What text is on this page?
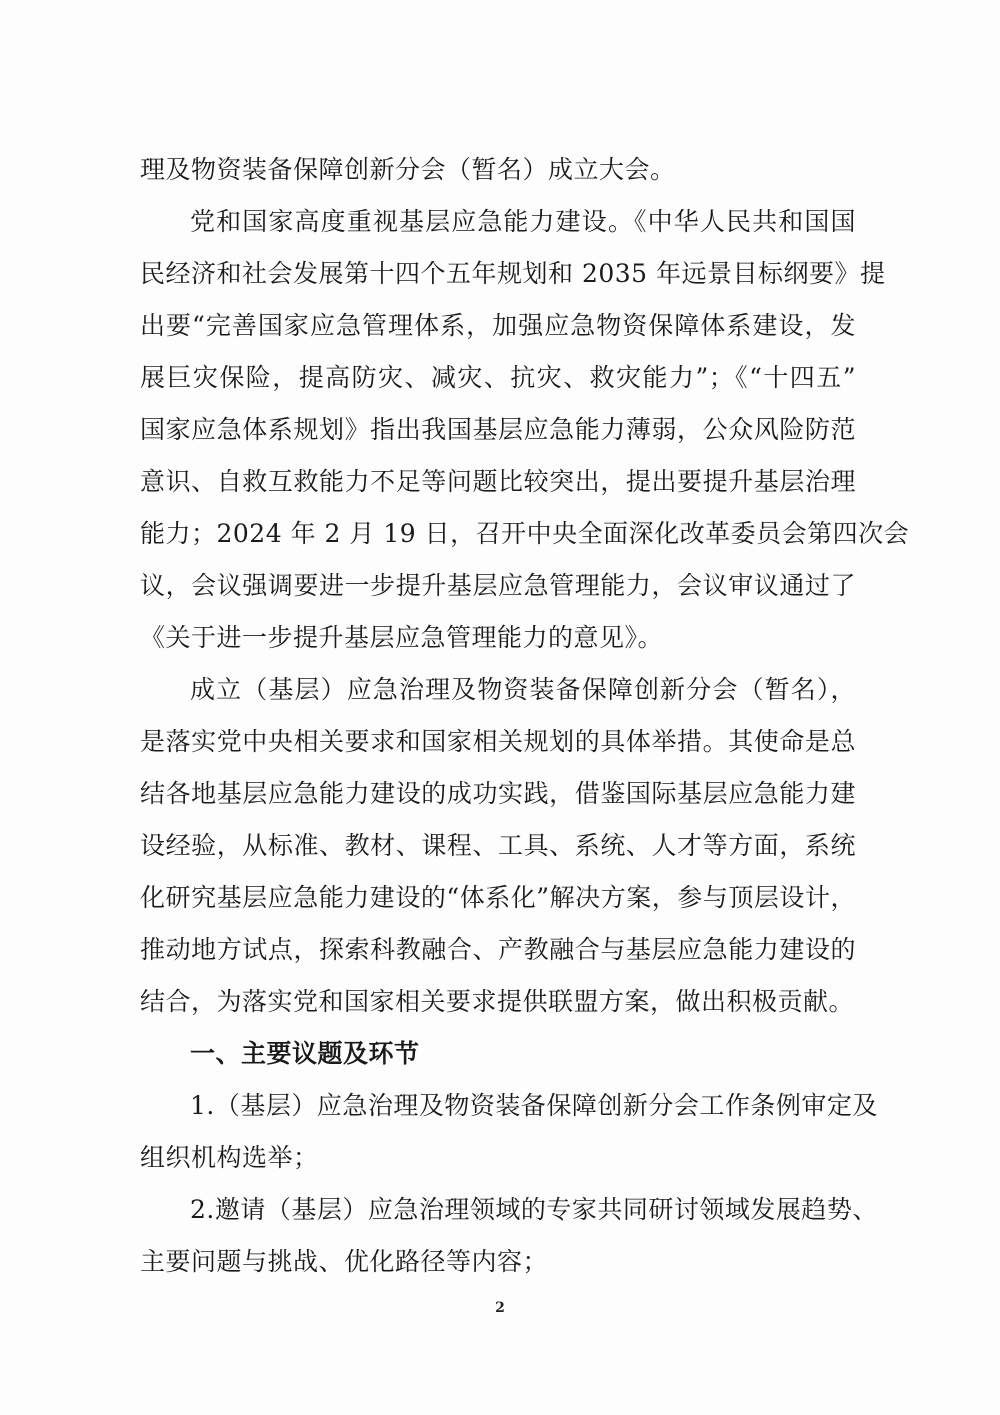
理及物资装备保障创新分会（暂名）成立大会。
党和国家高度重视基层应急能力建设。《中华人民共和国国
民经济和社会发展第十四个五年规划和 2035 年远景目标纲要》提
出要“完善国家应急管理体系，加强应急物资保障体系建设，发
展巨灾保险，提高防灾、减灾、抗灾、救灾能力”；《“十四五”
国家应急体系规划》指出我国基层应急能力薄弱，公众风险防范
意识、自救互救能力不足等问题比较突出，提出要提升基层治理
能力；2024 年 2 月 19 日，召开中央全面深化改革委员会第四次会
议，会议强调要进一步提升基层应急管理能力，会议审议通过了
《关于进一步提升基层应急管理能力的意见》。
成立（基层）应急治理及物资装备保障创新分会（暂名），
是落实党中央相关要求和国家相关规划的具体举措。其使命是总
结各地基层应急能力建设的成功实践，借鉴国际基层应急能力建
设经验，从标准、教材、课程、工具、系统、人才等方面，系统
化研究基层应急能力建设的“体系化”解决方案，参与顶层设计，
推动地方试点，探索科教融合、产教融合与基层应急能力建设的
结合，为落实党和国家相关要求提供联盟方案，做出积极贡献。
一、主要议题及环节
1.（基层）应急治理及物资装备保障创新分会工作条例审定及
组织机构选举；
2.邀请（基层）应急治理领域的专家共同研讨领域发展趋势、
主要问题与挑战、优化路径等内容；
2
